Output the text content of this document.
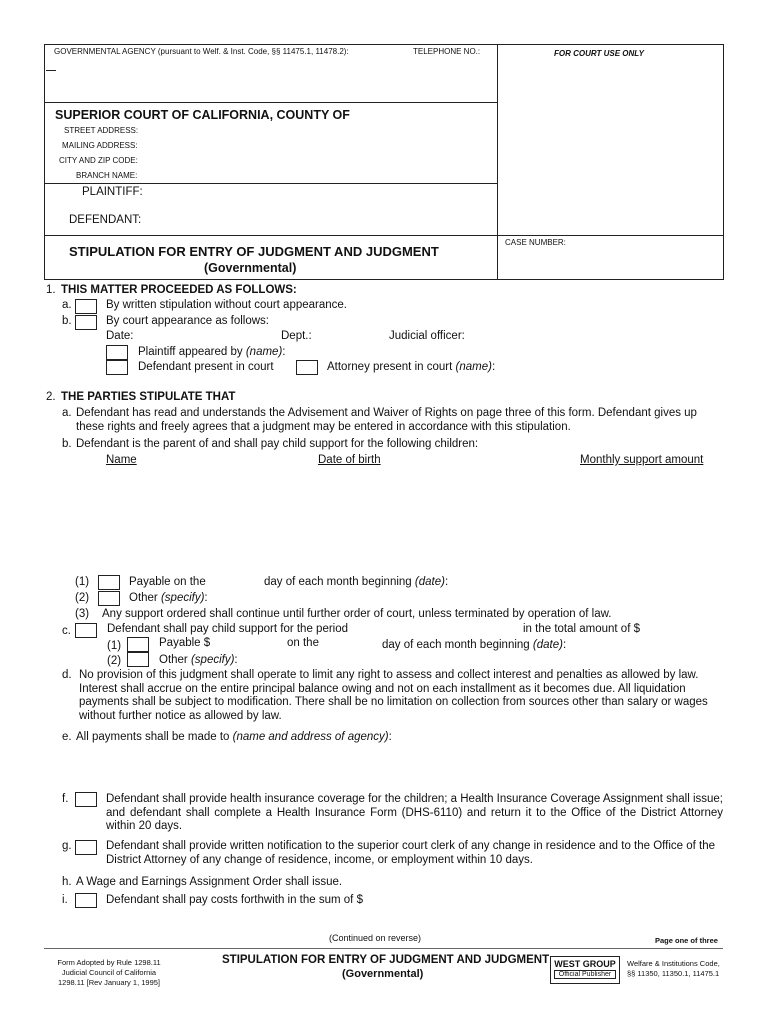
GOVERNMENTAL AGENCY (pursuant to Welf. & Inst. Code, §§ 11475.1, 11478.2):	TELEPHONE NO.:	FOR COURT USE ONLY
SUPERIOR COURT OF CALIFORNIA, COUNTY OF
STREET ADDRESS:
MAILING ADDRESS:
CITY AND ZIP CODE:
BRANCH NAME:
PLAINTIFF:
DEFENDANT:
STIPULATION FOR ENTRY OF JUDGMENT AND JUDGMENT
(Governmental)
CASE NUMBER:
1. THIS MATTER PROCEEDED AS FOLLOWS:
a.	By written stipulation without court appearance.
b.	By court appearance as follows:
Date:	Dept.:	Judicial officer:
Plaintiff appeared by (name):
Defendant present in court	Attorney present in court (name):
2. THE PARTIES STIPULATE THAT
a. Defendant has read and understands the Advisement and Waiver of Rights on page three of this form. Defendant gives up these rights and freely agrees that a judgment may be entered in accordance with this stipulation.
b. Defendant is the parent of and shall pay child support for the following children:
Name	Date of birth	Monthly support amount
(1)	Payable on the	day of each month beginning (date):
(2)	Other (specify):
(3) Any support ordered shall continue until further order of court, unless terminated by operation of law.
c.	Defendant shall pay child support for the period	in the total amount of $
(1)	Payable $	on the	day of each month beginning (date):
(2)	Other (specify):
d. No provision of this judgment shall operate to limit any right to assess and collect interest and penalties as allowed by law. Interest shall accrue on the entire principal balance owing and not on each installment as it becomes due. All liquidation payments shall be subject to modification. There shall be no limitation on collection from sources other than salary or wages without further notice as allowed by law.
e. All payments shall be made to (name and address of agency):
f.	Defendant shall provide health insurance coverage for the children; a Health Insurance Coverage Assignment shall issue; and defendant shall complete a Health Insurance Form (DHS-6110) and return it to the Office of the District Attorney within 20 days.
g.	Defendant shall provide written notification to the superior court clerk of any change in residence and to the Office of the District Attorney of any change of residence, income, or employment within 10 days.
h. A Wage and Earnings Assignment Order shall issue.
i.	Defendant shall pay costs forthwith in the sum of $
(Continued on reverse)	Page one of three
Form Adopted by Rule 1298.11
Judicial Council of California
1298.11 [Rev January 1, 1995]
STIPULATION FOR ENTRY OF JUDGMENT AND JUDGMENT
(Governmental)
WEST GROUP
Official Publisher
Welfare & Institutions Code,
§§ 11350, 11350.1, 11475.1
